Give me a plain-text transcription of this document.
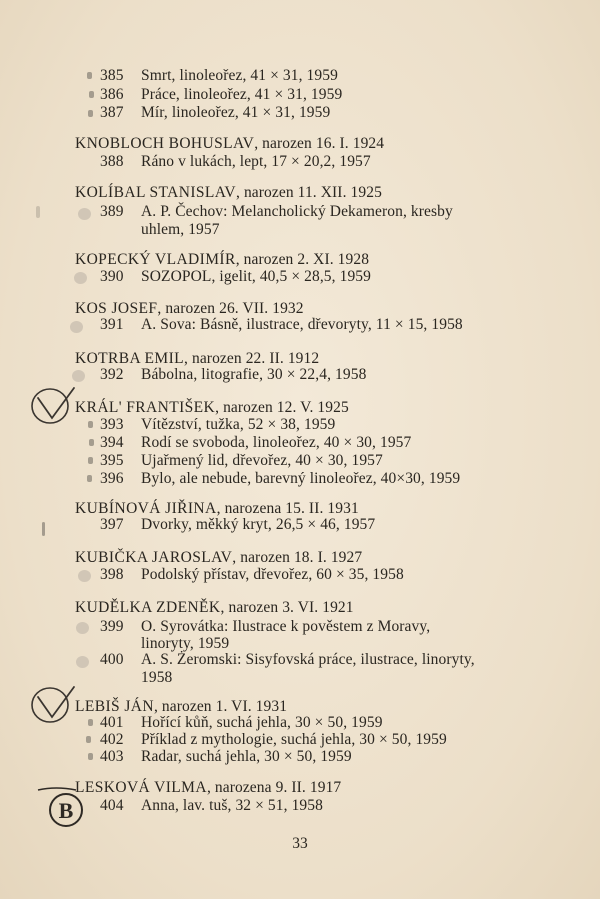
385 Smrt, linoleořez, 41 × 31, 1959
386 Práce, linoleořez, 41 × 31, 1959
387 Mír, linoleořez, 41 × 31, 1959
KNOBLOCH BOHUSLAV, narozen 16. I. 1924
388 Ráno v lukách, lept, 17 × 20,2, 1957
KOLÍBAL STANISLAV, narozen 11. XII. 1925
389 A. P. Čechov: Melancholický Dekameron, kresby
uhlem, 1957
KOPECKÝ VLADIMÍR, narozen 2. XI. 1928
390 SOZOPOL, igelit, 40,5 × 28,5, 1959
KOS JOSEF, narozen 26. VII. 1932
391 A. Sova: Básně, ilustrace, dřevoryty, 11 × 15, 1958
KOTRBA EMIL, narozen 22. II. 1912
392 Bábolna, litografie, 30 × 22,4, 1958
KRÁL' FRANTIŠEK, narozen 12. V. 1925
393 Vítězství, tužka, 52 × 38, 1959
394 Rodí se svoboda, linoleořez, 40 × 30, 1957
395 Ujařmený lid, dřevořez, 40 × 30, 1957
396 Bylo, ale nebude, barevný linoleořez, 40×30, 1959
KUBÍNOVÁ JIŘINA, narozena 15. II. 1931
397 Dvorky, měkký kryt, 26,5 × 46, 1957
KUBIČKA JAROSLAV, narozen 18. I. 1927
398 Podolský přístav, dřevořez, 60 × 35, 1958
KUDĚLKA ZDENĚK, narozen 3. VI. 1921
399 O. Syrovátka: Ilustrace k pověstem z Moravy,
linoryty, 1959
400 A. S. Żeromski: Sisyfovská práce, ilustrace, linoryty,
1958
LEBIŠ JÁN, narozen 1. VI. 1931
401 Hořící kůň, suchá jehla, 30 × 50, 1959
402 Příklad z mythologie, suchá jehla, 30 × 50, 1959
403 Radar, suchá jehla, 30 × 50, 1959
LESKOVÁ VILMA, narozena 9. II. 1917
404 Anna, lav. tuš, 32 × 51, 1958
33
B
